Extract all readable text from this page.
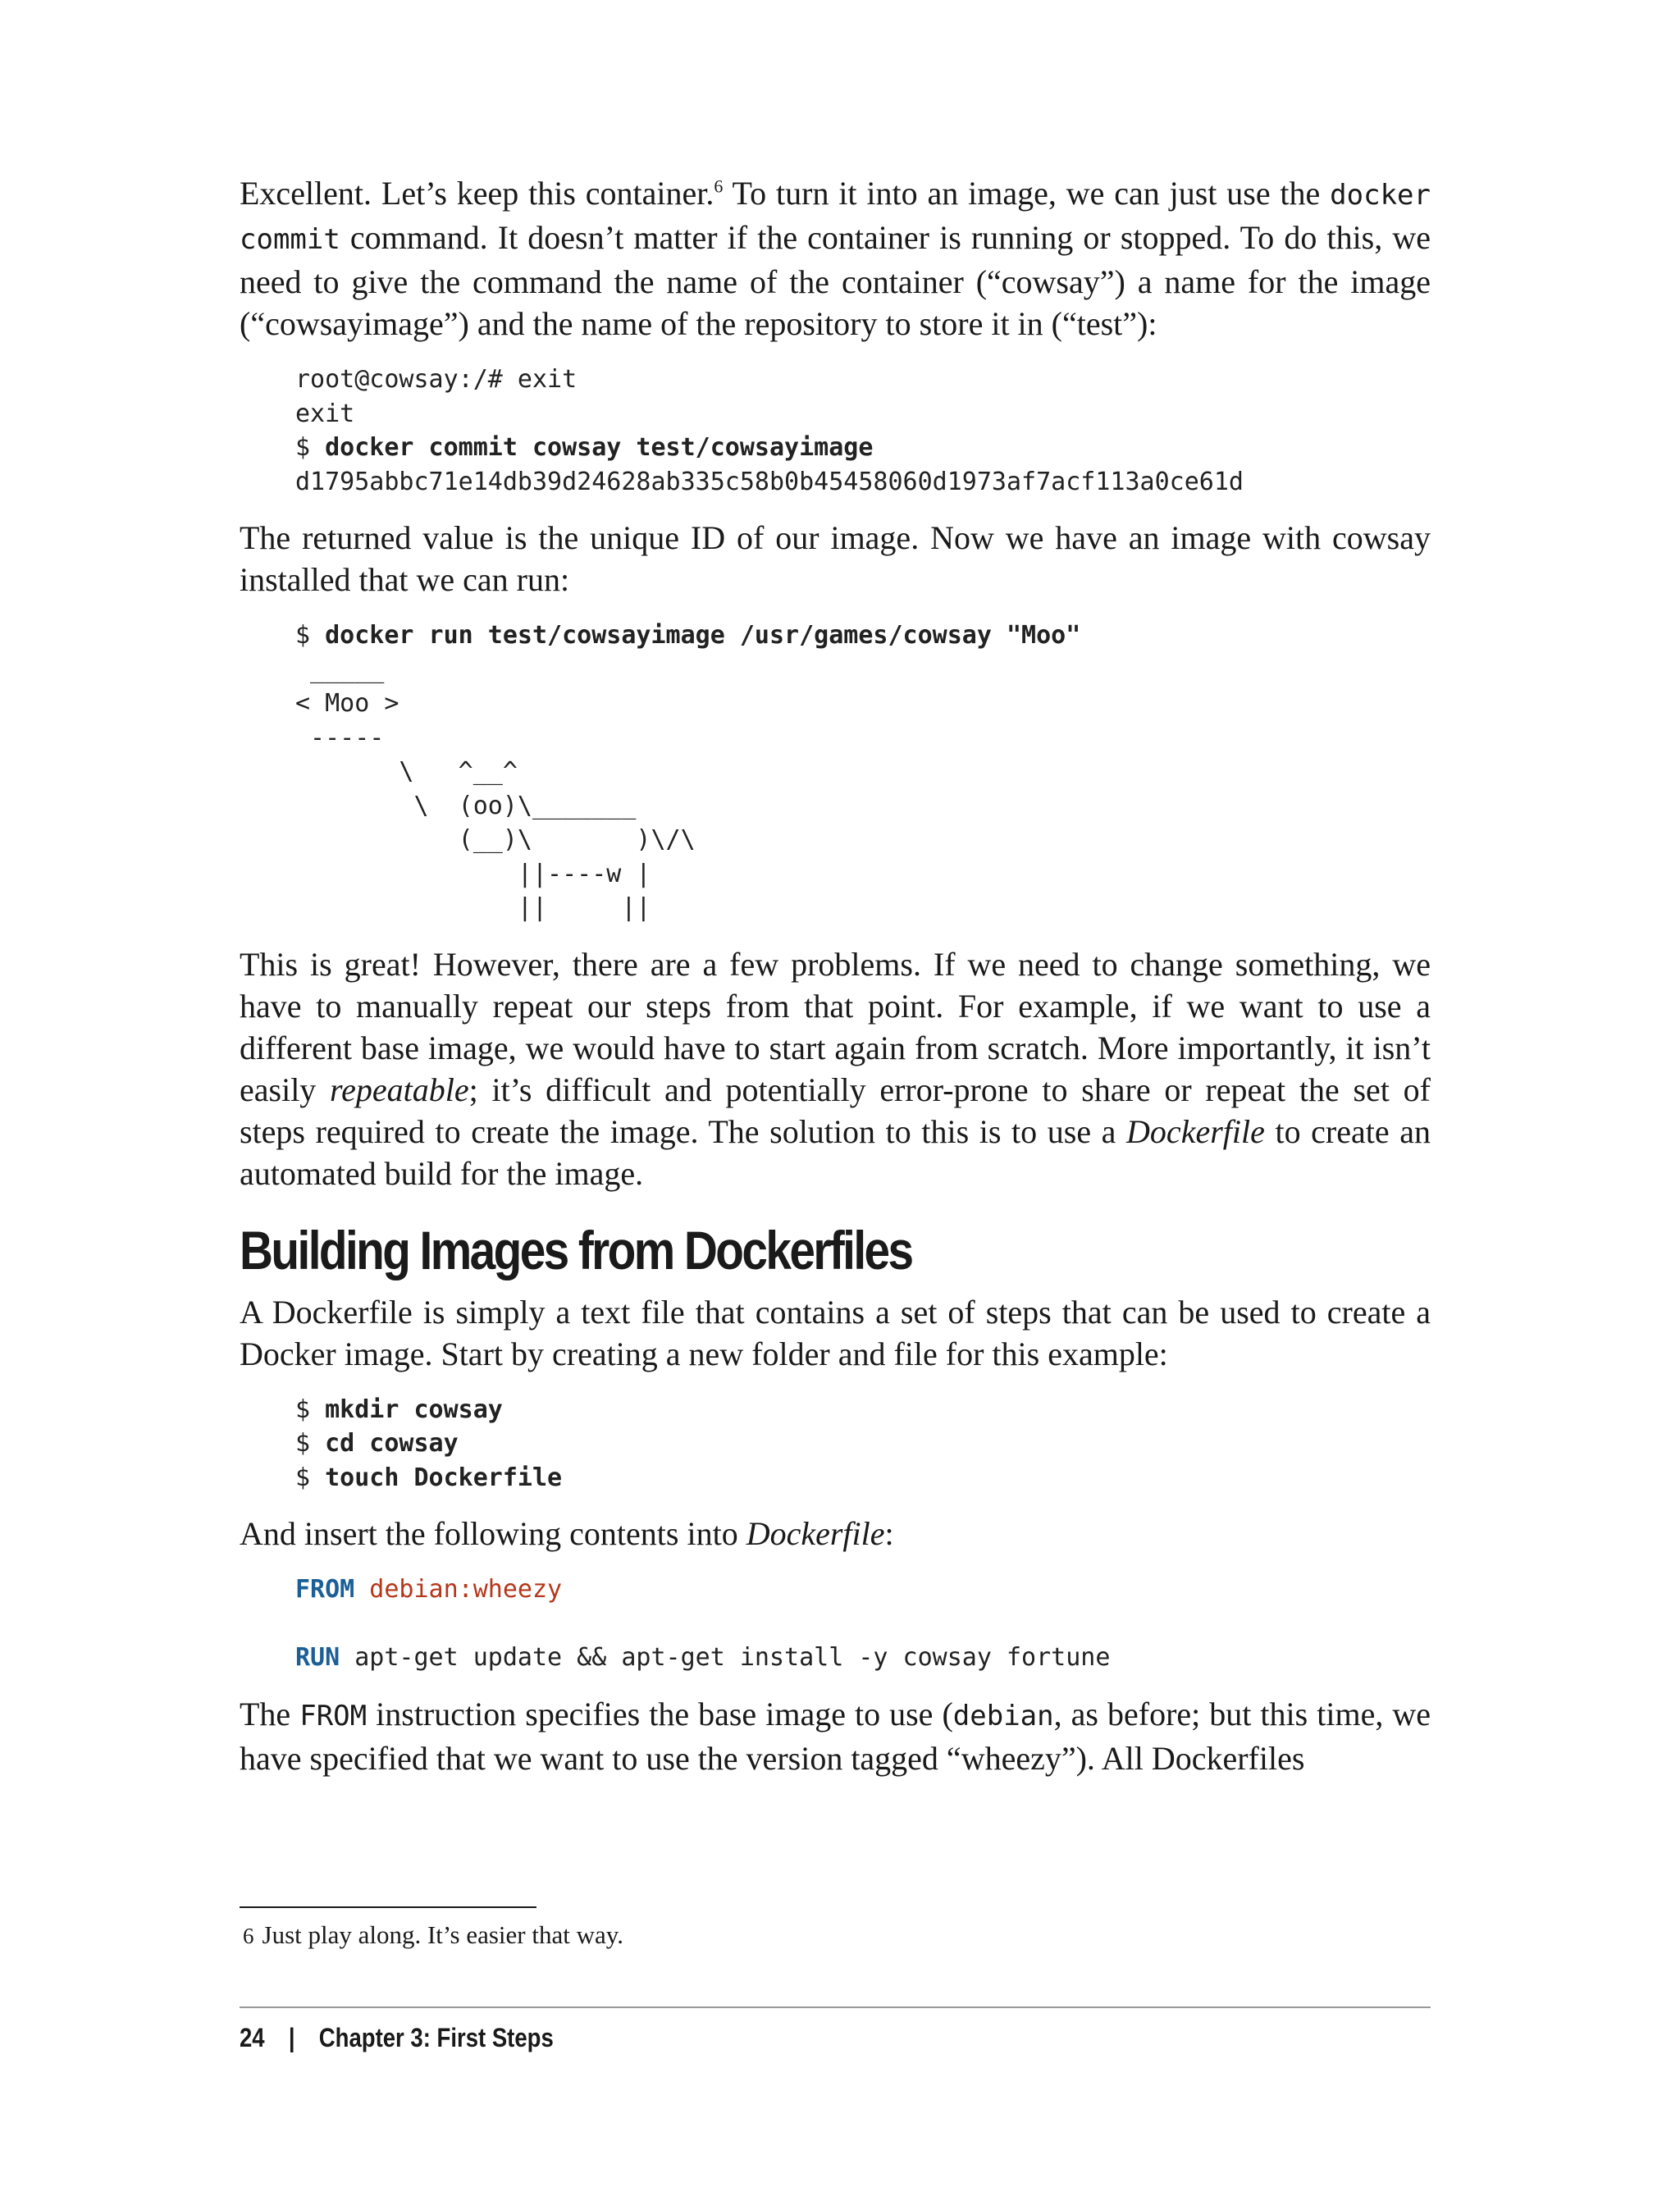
Excellent. Let’s keep this container.$^6$ To turn it into an image, we can just use the docker commit command. It doesn’t matter if the container is running or stopped. To do this, we need to give the command the name of the container (“cowsay”) a name for the image (“cowsayimage”) and the name of the repository to store it in (“test”):

root@cowsay:/# exit
exit
$ docker commit cowsay test/cowsayimage
d1795abbc71e14db39d24628ab335c58b0b45458060d1973af7acf113a0ce61d

The returned value is the unique ID of our image. Now we have an image with cowsay installed that we can run:

$ docker run test/cowsayimage /usr/games/cowsay "Moo"
_____
< Moo >
-----
\   ^__^
\  (oo)\_______
(__)\       )\/\
||----w |
||     ||

This is great! However, there are a few problems. If we need to change something, we have to manually repeat our steps from that point. For example, if we want to use a different base image, we would have to start again from scratch. More importantly, it isn’t easily repeatable; it’s difficult and potentially error-prone to share or repeat the set of steps required to create the image. The solution to this is to use a Dockerfile to create an automated build for the image.

Building Images from Dockerfiles

A Dockerfile is simply a text file that contains a set of steps that can be used to create a Docker image. Start by creating a new folder and file for this example:

$ mkdir cowsay
$ cd cowsay
$ touch Dockerfile

And insert the following contents into Dockerfile:

FROM debian:wheezy

RUN apt-get update && apt-get install -y cowsay fortune

The FROM instruction specifies the base image to use (debian, as before; but this time, we have specified that we want to use the version tagged “wheezy”). All Dockerfiles

6 Just play along. It’s easier that way.
24 | Chapter 3: First Steps
